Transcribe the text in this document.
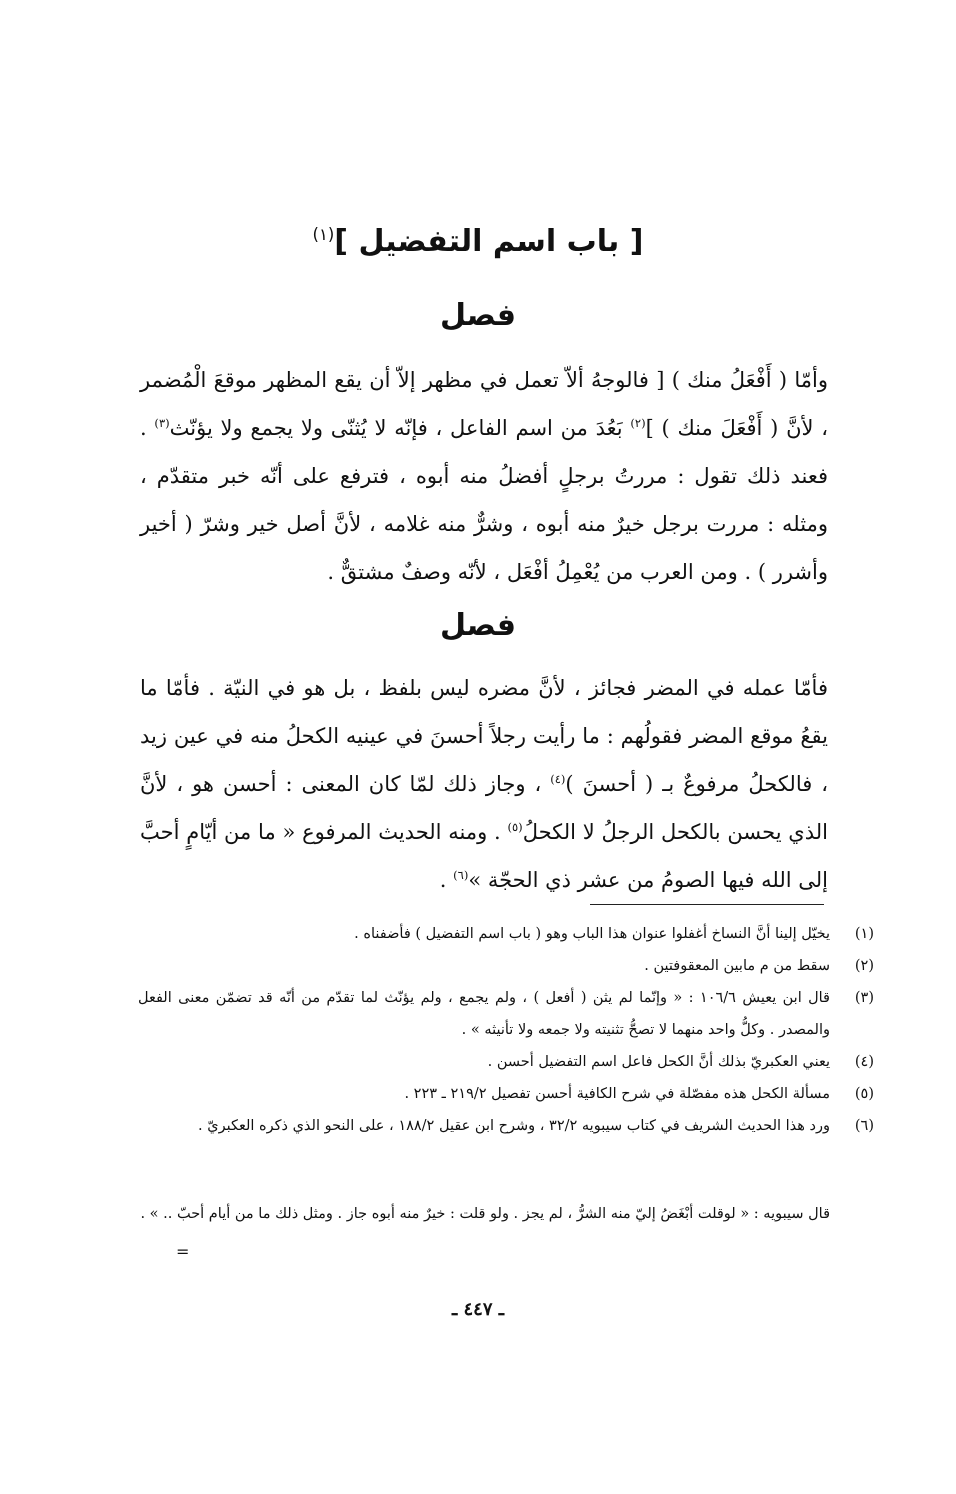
[ باب اسم التفضيل ]$^{(١)}$
فصل

وأمّا ( أَفْعَلُ منك ) [ فالوجهُ ألاّ تعمل في مظهر إلاّ أن يقع المظهر موقعَ الْمُضمر ، لأنَّ ( أَفْعَلَ منك ) ]$^{(٢)}$ بَعُدَ من اسم الفاعل ، فإنّه لا يُثنّى ولا يجمع ولا يؤنّث$^{(٣)}$ . فعند ذلك تقول : مررتُ برجلٍ أفضلُ منه أبوه ، فترفع على أنّه خبر متقدّم ، ومثله : مررت برجل خيرٌ منه أبوه ، وشرٌّ منه غلامه ، لأنَّ أصل خير وشرّ ( أخير وأشرر ) . ومن العرب من يُعْمِلُ أفْعَل ، لأنّه وصفٌ مشتقٌّ .

فصل

فأمّا عمله في المضر فجائز ، لأنَّ مضره ليس بلفظ ، بل هو في النيّة . فأمّا ما يقعُ موقع المضر فقولُهم : ما رأيت رجلاً أحسنَ في عينيه الكحلُ منه في عين زيد ، فالكحلُ مرفوعٌ بـ ( أحسنَ )$^{(٤)}$ ، وجاز ذلك لمّا كان المعنى : أحسن هو ، لأنَّ الذي يحسن بالكحل الرجلُ لا الكحلُ$^{(٥)}$ . ومنه الحديث المرفوع « ما من أيّامٍ أحبَّ إلى الله فيها الصومُ من عشر ذي الحجّة »$^{(٦)}$ .

(١)
يخيّل إلينا أنَّ النساخ أغفلوا عنوان هذا الباب وهو ( باب اسم التفضيل ) فأضفناه .
(٢)
سقط من م مابين المعقوفتين .
(٣)
قال ابن يعيش ١٠٦/٦ : « وإنّما لم يثن ( أفعل ) ، ولم يجمع ، ولم يؤنّث لما تقدّم من أنّه قد تضمّن معنى الفعل والمصدر . وكلُّ واحد منهما لا تصحُّ تثنيته ولا جمعه ولا تأنيثه » .
(٤)
يعني العكبريّ بذلك أنَّ الكحل فاعل اسم التفضيل أحسن .
(٥)
مسألة الكحل هذه مفصّلة في شرح الكافية أحسن تفصيل ٢١٩/٢ ـ ٢٢٣ .
(٦)
ورد هذا الحديث الشريف في كتاب سيبويه ٣٢/٢ ، وشرح ابن عقيل ١٨٨/٢ ، على النحو الذي ذكره العكبريّ .

قال سيبويه : « لوقلت أبْغَضُ إليّ منه الشرُّ ، لم يجز . ولو قلت : خيرٌ منه أبوه جاز . ومثل ذلك ما من أيام أحبّ .. » .

=
ـ ٤٤٧ ـ
